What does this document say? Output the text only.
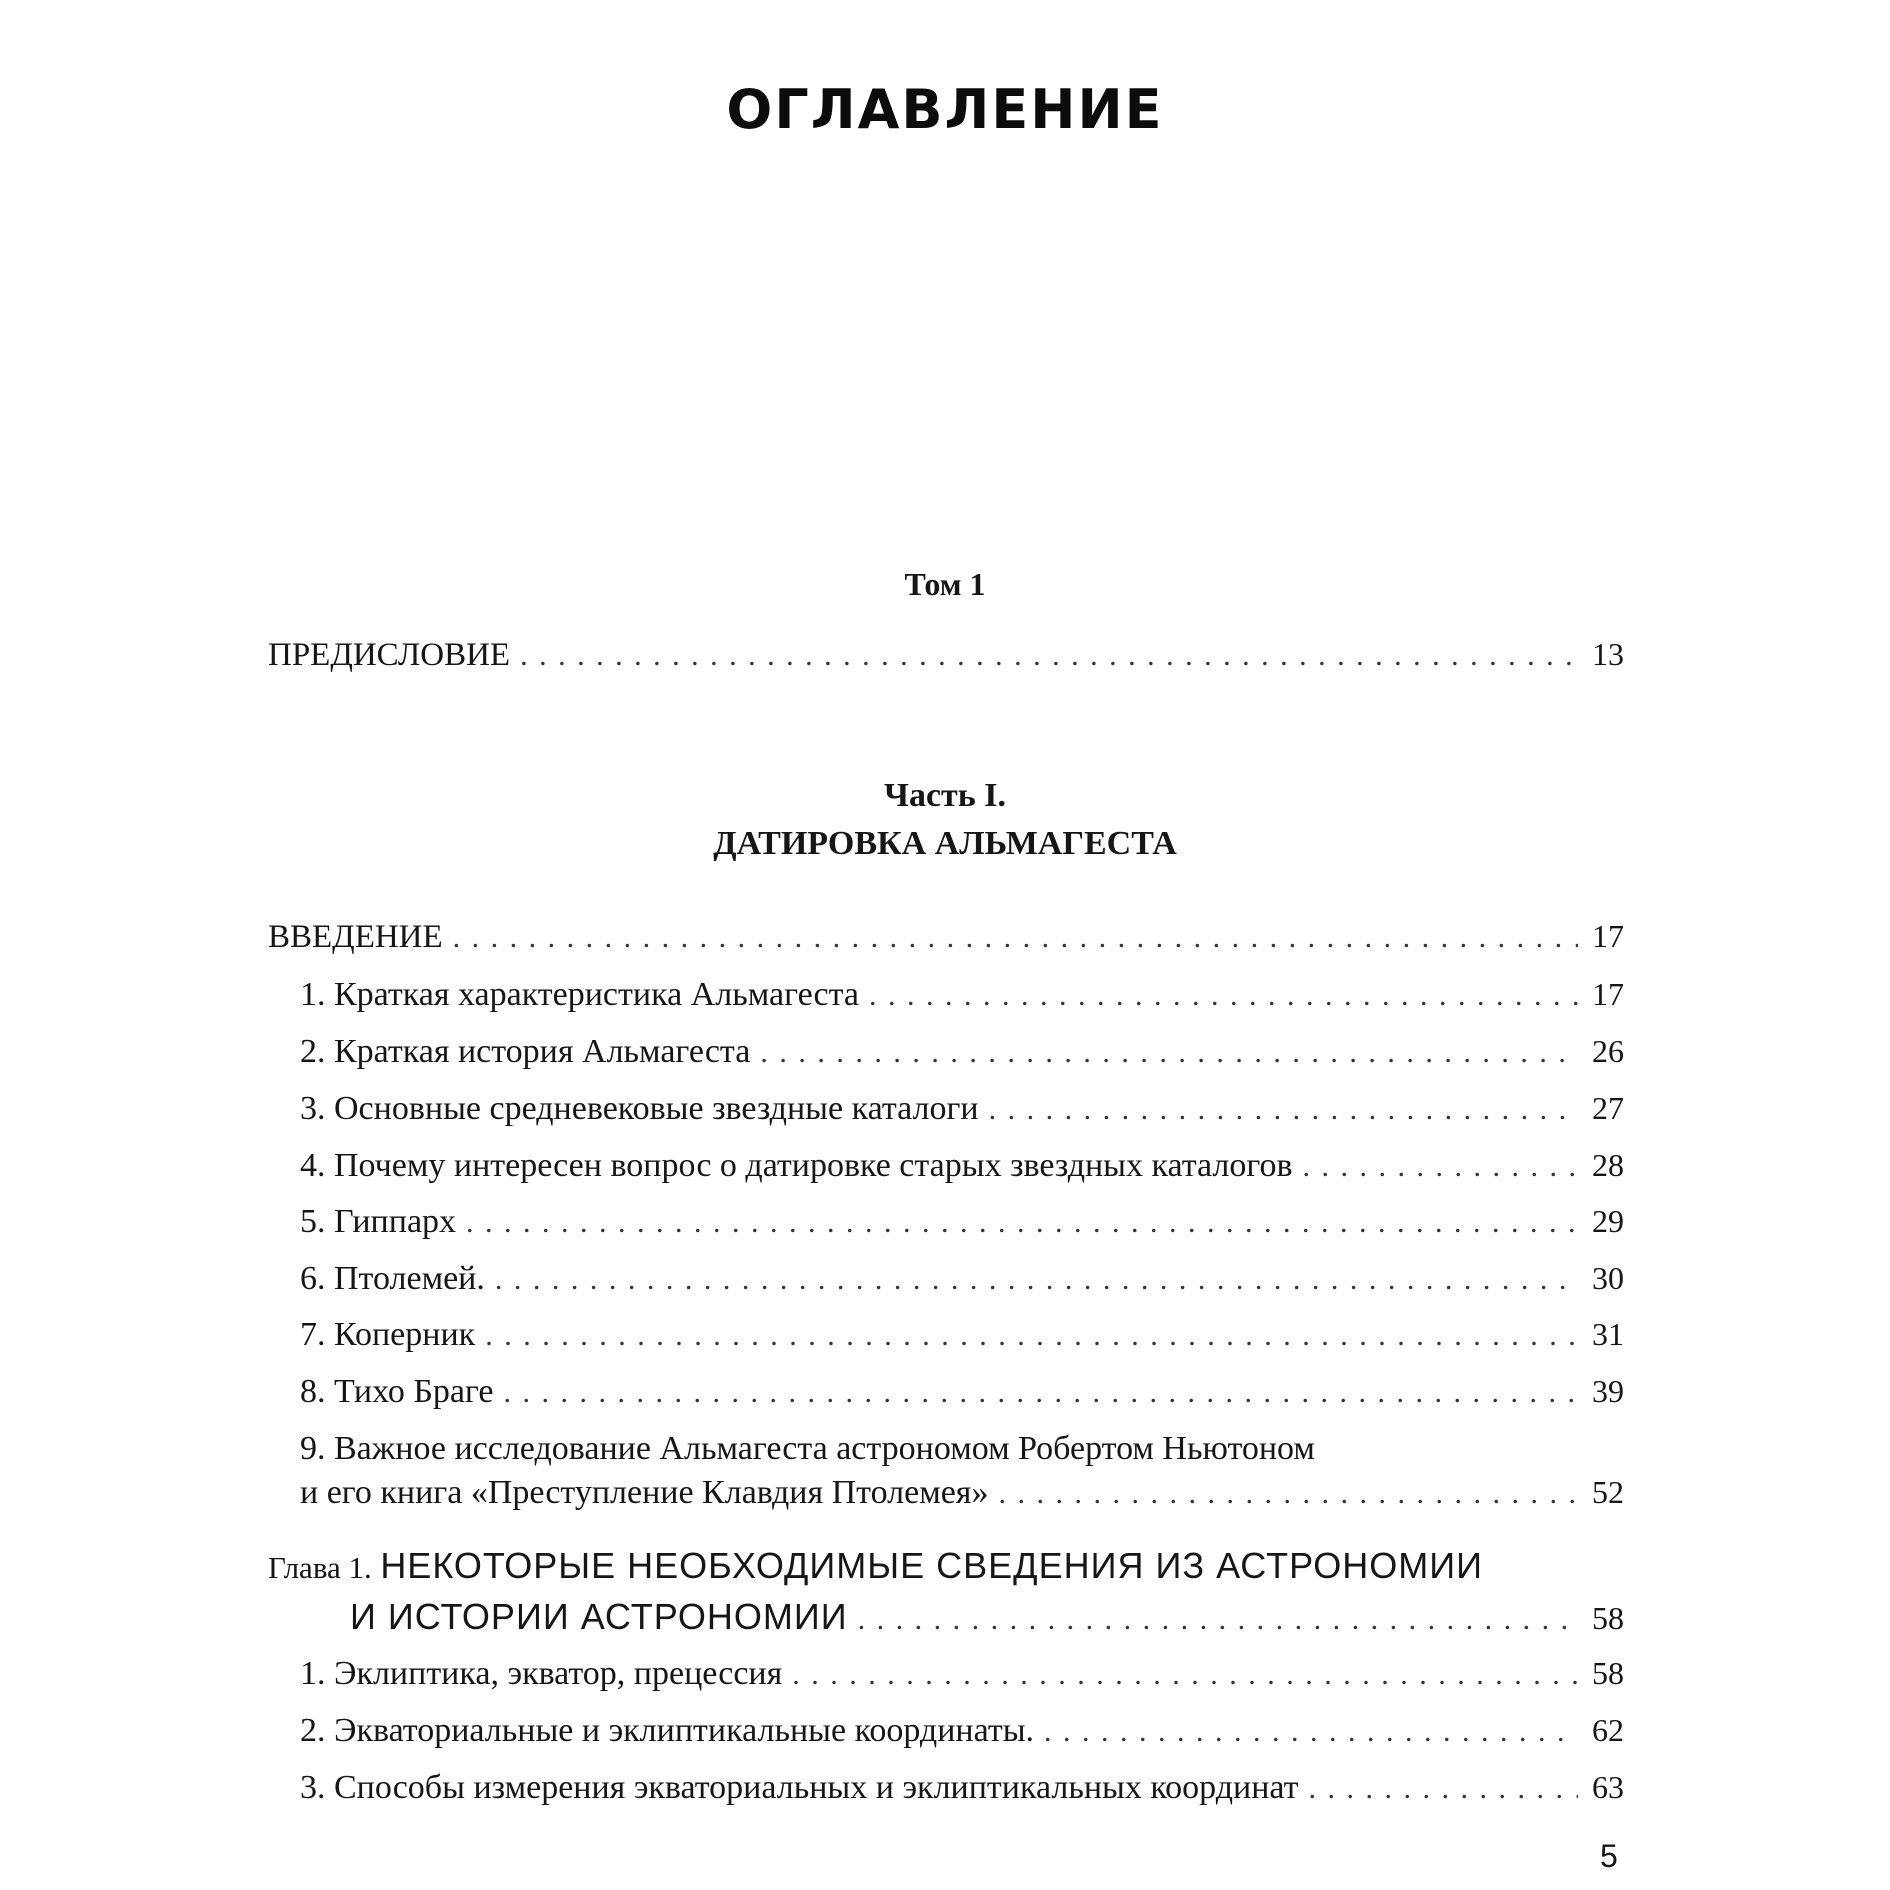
ОГЛАВЛЕНИЕ
Том 1
ПРЕДИСЛОВИЕ . . .	13
Часть I.
ДАТИРОВКА АЛЬМАГЕСТА
ВВЕДЕНИЕ . . .	17
1. Краткая характеристика Альмагеста . . .	17
2. Краткая история Альмагеста . . .	26
3. Основные средневековые звездные каталоги . . .	27
4. Почему интересен вопрос о датировке старых звездных каталогов . . .	28
5. Гиппарх . . .	29
6. Птолемей. . . .	30
7. Коперник . . .	31
8. Тихо Браге . . .	39
9. Важное исследование Альмагеста астрономом Робертом Ньютоном
и его книга «Преступление Клавдия Птолемея» . . .	52
Глава 1. НЕКОТОРЫЕ НЕОБХОДИМЫЕ СВЕДЕНИЯ ИЗ АСТРОНОМИИ
И ИСТОРИИ АСТРОНОМИИ . . .	58
1. Эклиптика, экватор, прецессия . . .	58
2. Экваториальные и эклиптикальные координаты. . . .	62
3. Способы измерения экваториальных и эклиптикальных координат . . .	63
5
